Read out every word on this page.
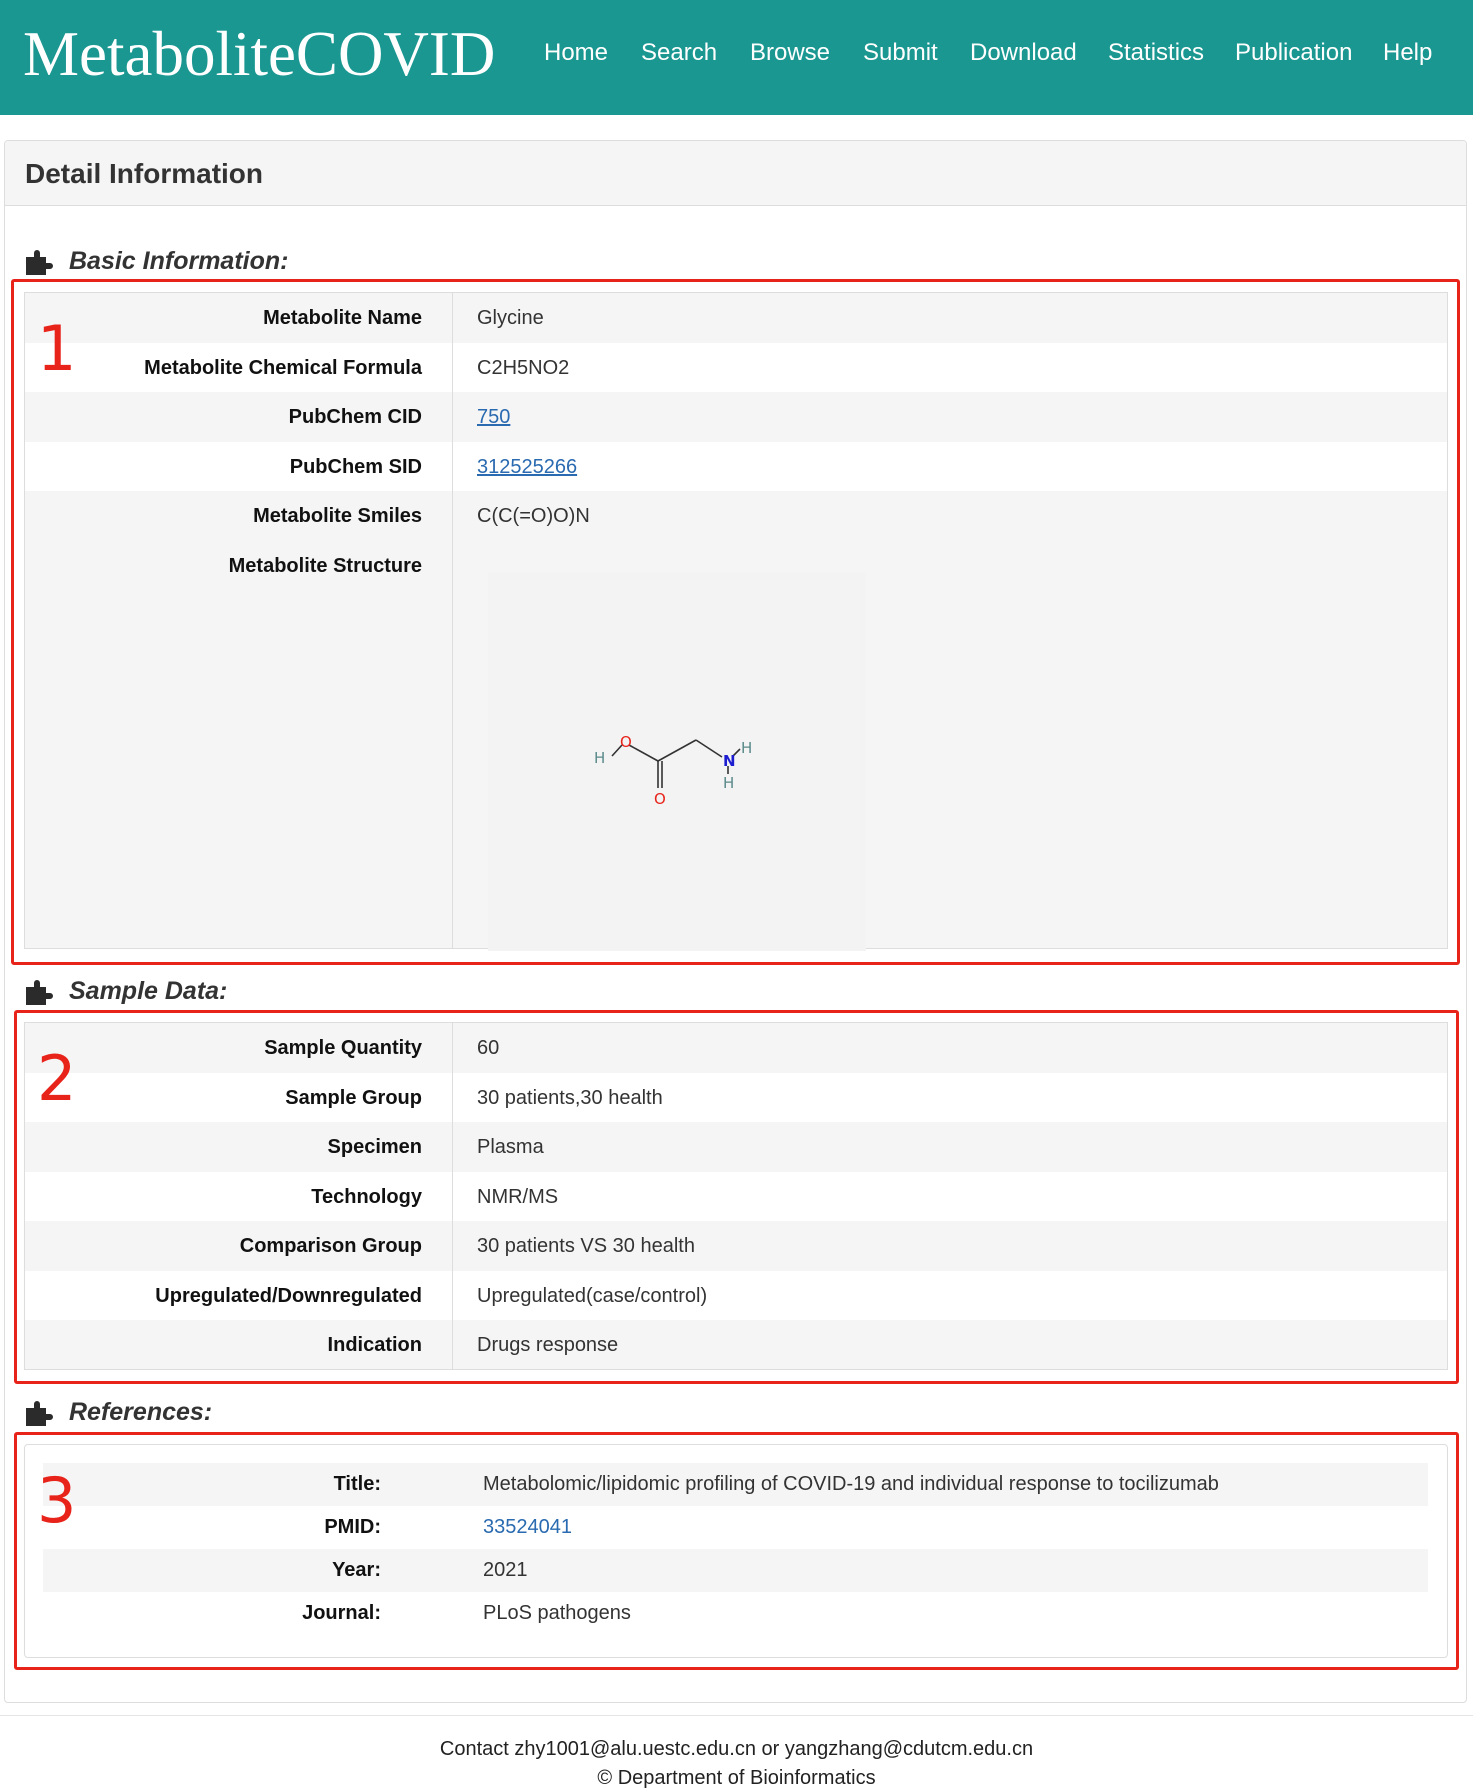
MetaboliteCOVID Home Search Browse Submit Download Statistics Publication Help
Detail Information
Basic Information:
Metabolite Name	Glycine
Metabolite Chemical Formula	C2H5NO2
PubChem CID	750
PubChem SID	312525266
Metabolite Smiles	C(C(=O)O)N
Metabolite Structure
H
O
O
N
H
H
1
Sample Data:
Sample Quantity	60
Sample Group	30 patients,30 health
Specimen	Plasma
Technology	NMR/MS
Comparison Group	30 patients VS 30 health
Upregulated/Downregulated	Upregulated(case/control)
Indication	Drugs response
2
References:
Title:	Metabolomic/lipidomic profiling of COVID-19 and individual response to tocilizumab
PMID:	33524041
Year:	2021
Journal:	PLoS pathogens
3
Contact zhy1001@alu.uestc.edu.cn or yangzhang@cdutcm.edu.cn
© Department of Bioinformatics
